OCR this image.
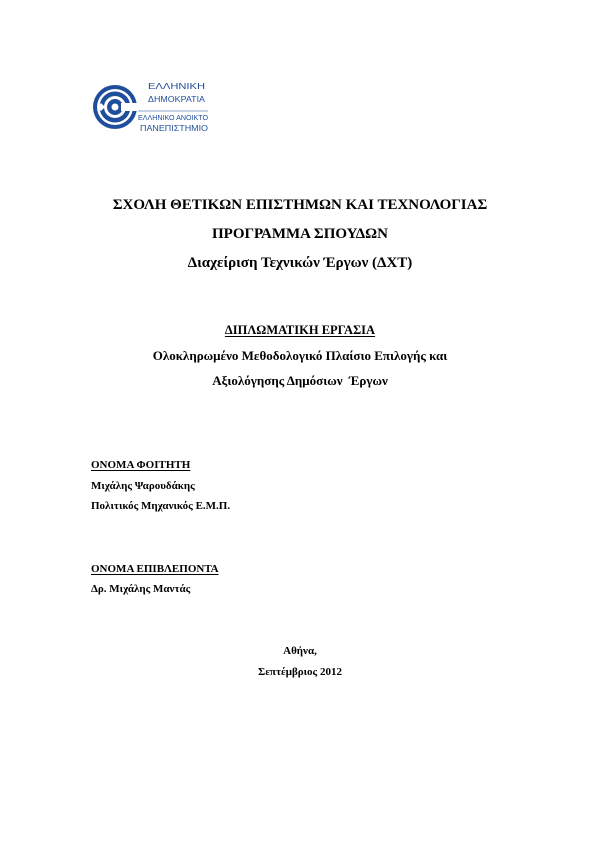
ΕΛΛΗΝΙΚΗ
ΔΗΜΟΚΡΑΤΙΑ
ΕΛΛΗΝΙΚΟ ΑΝΟΙΚΤΟ
ΠΑΝΕΠΙΣΤΗΜΙΟ
ΣΧΟΛΗ ΘΕΤΙΚΩΝ ΕΠΙΣΤΗΜΩΝ ΚΑΙ ΤΕΧΝΟΛΟΓΙΑΣ
ΠΡΟΓΡΑΜΜΑ ΣΠΟΥΔΩΝ
Διαχείριση Τεχνικών Έργων (ΔΧΤ)
ΔΙΠΛΩΜΑΤΙΚΗ ΕΡΓΑΣΙΑ
Ολοκληρωμένο Μεθοδολογικό Πλαίσιο Επιλογής και
Αξιολόγησης Δημόσιων  Έργων
ΟΝΟΜΑ ΦΟΙΤΗΤΗ
Μιχάλης Ψαρουδάκης
Πολιτικός Μηχανικός Ε.Μ.Π.
ΟΝΟΜΑ ΕΠΙΒΛΕΠΟΝΤΑ
Δρ. Μιχάλης Μαντάς
Αθήνα,
Σεπτέμβριος 2012
